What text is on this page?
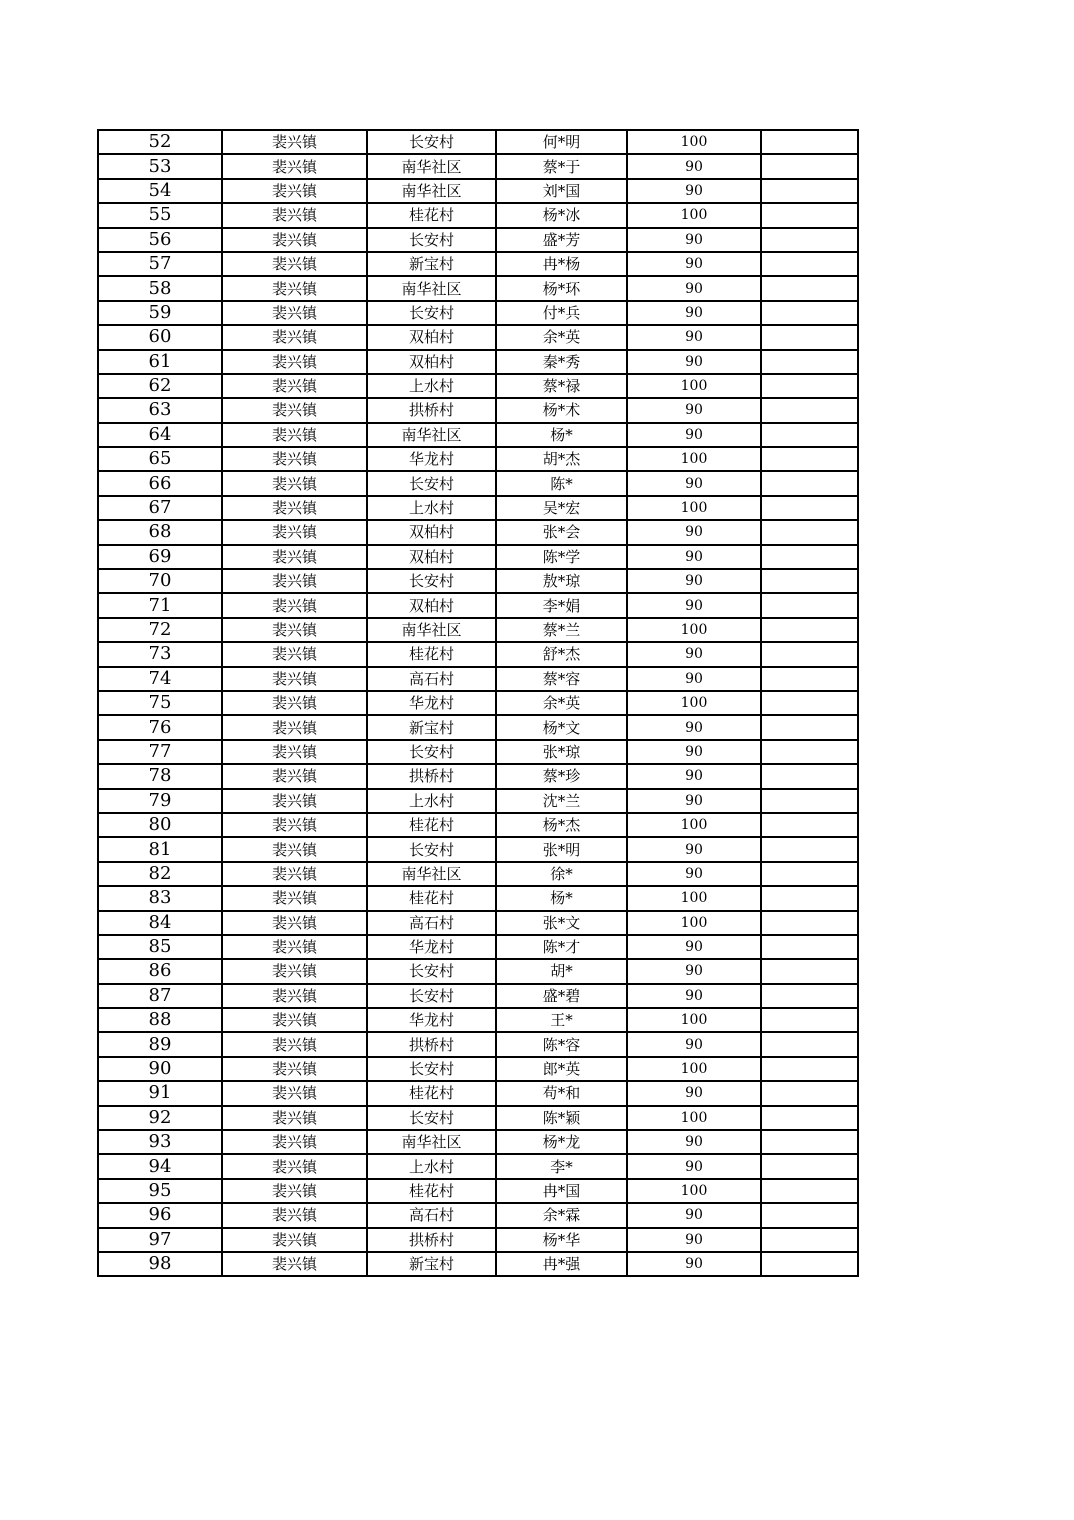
52	裴兴镇	长安村	何*明	100	
53	裴兴镇	南华社区	蔡*于	90	
54	裴兴镇	南华社区	刘*国	90	
55	裴兴镇	桂花村	杨*冰	100	
56	裴兴镇	长安村	盛*芳	90	
57	裴兴镇	新宝村	冉*杨	90	
58	裴兴镇	南华社区	杨*环	90	
59	裴兴镇	长安村	付*兵	90	
60	裴兴镇	双柏村	余*英	90	
61	裴兴镇	双柏村	秦*秀	90	
62	裴兴镇	上水村	蔡*禄	100	
63	裴兴镇	拱桥村	杨*术	90	
64	裴兴镇	南华社区	杨*	90	
65	裴兴镇	华龙村	胡*杰	100	
66	裴兴镇	长安村	陈*	90	
67	裴兴镇	上水村	吴*宏	100	
68	裴兴镇	双柏村	张*会	90	
69	裴兴镇	双柏村	陈*学	90	
70	裴兴镇	长安村	敖*琼	90	
71	裴兴镇	双柏村	李*娟	90	
72	裴兴镇	南华社区	蔡*兰	100	
73	裴兴镇	桂花村	舒*杰	90	
74	裴兴镇	高石村	蔡*容	90	
75	裴兴镇	华龙村	余*英	100	
76	裴兴镇	新宝村	杨*文	90	
77	裴兴镇	长安村	张*琼	90	
78	裴兴镇	拱桥村	蔡*珍	90	
79	裴兴镇	上水村	沈*兰	90	
80	裴兴镇	桂花村	杨*杰	100	
81	裴兴镇	长安村	张*明	90	
82	裴兴镇	南华社区	徐*	90	
83	裴兴镇	桂花村	杨*	100	
84	裴兴镇	高石村	张*文	100	
85	裴兴镇	华龙村	陈*才	90	
86	裴兴镇	长安村	胡*	90	
87	裴兴镇	长安村	盛*碧	90	
88	裴兴镇	华龙村	王*	100	
89	裴兴镇	拱桥村	陈*容	90	
90	裴兴镇	长安村	郎*英	100	
91	裴兴镇	桂花村	苟*和	90	
92	裴兴镇	长安村	陈*颖	100	
93	裴兴镇	南华社区	杨*龙	90	
94	裴兴镇	上水村	李*	90	
95	裴兴镇	桂花村	冉*国	100	
96	裴兴镇	高石村	余*霖	90	
97	裴兴镇	拱桥村	杨*华	90	
98	裴兴镇	新宝村	冉*强	90	
